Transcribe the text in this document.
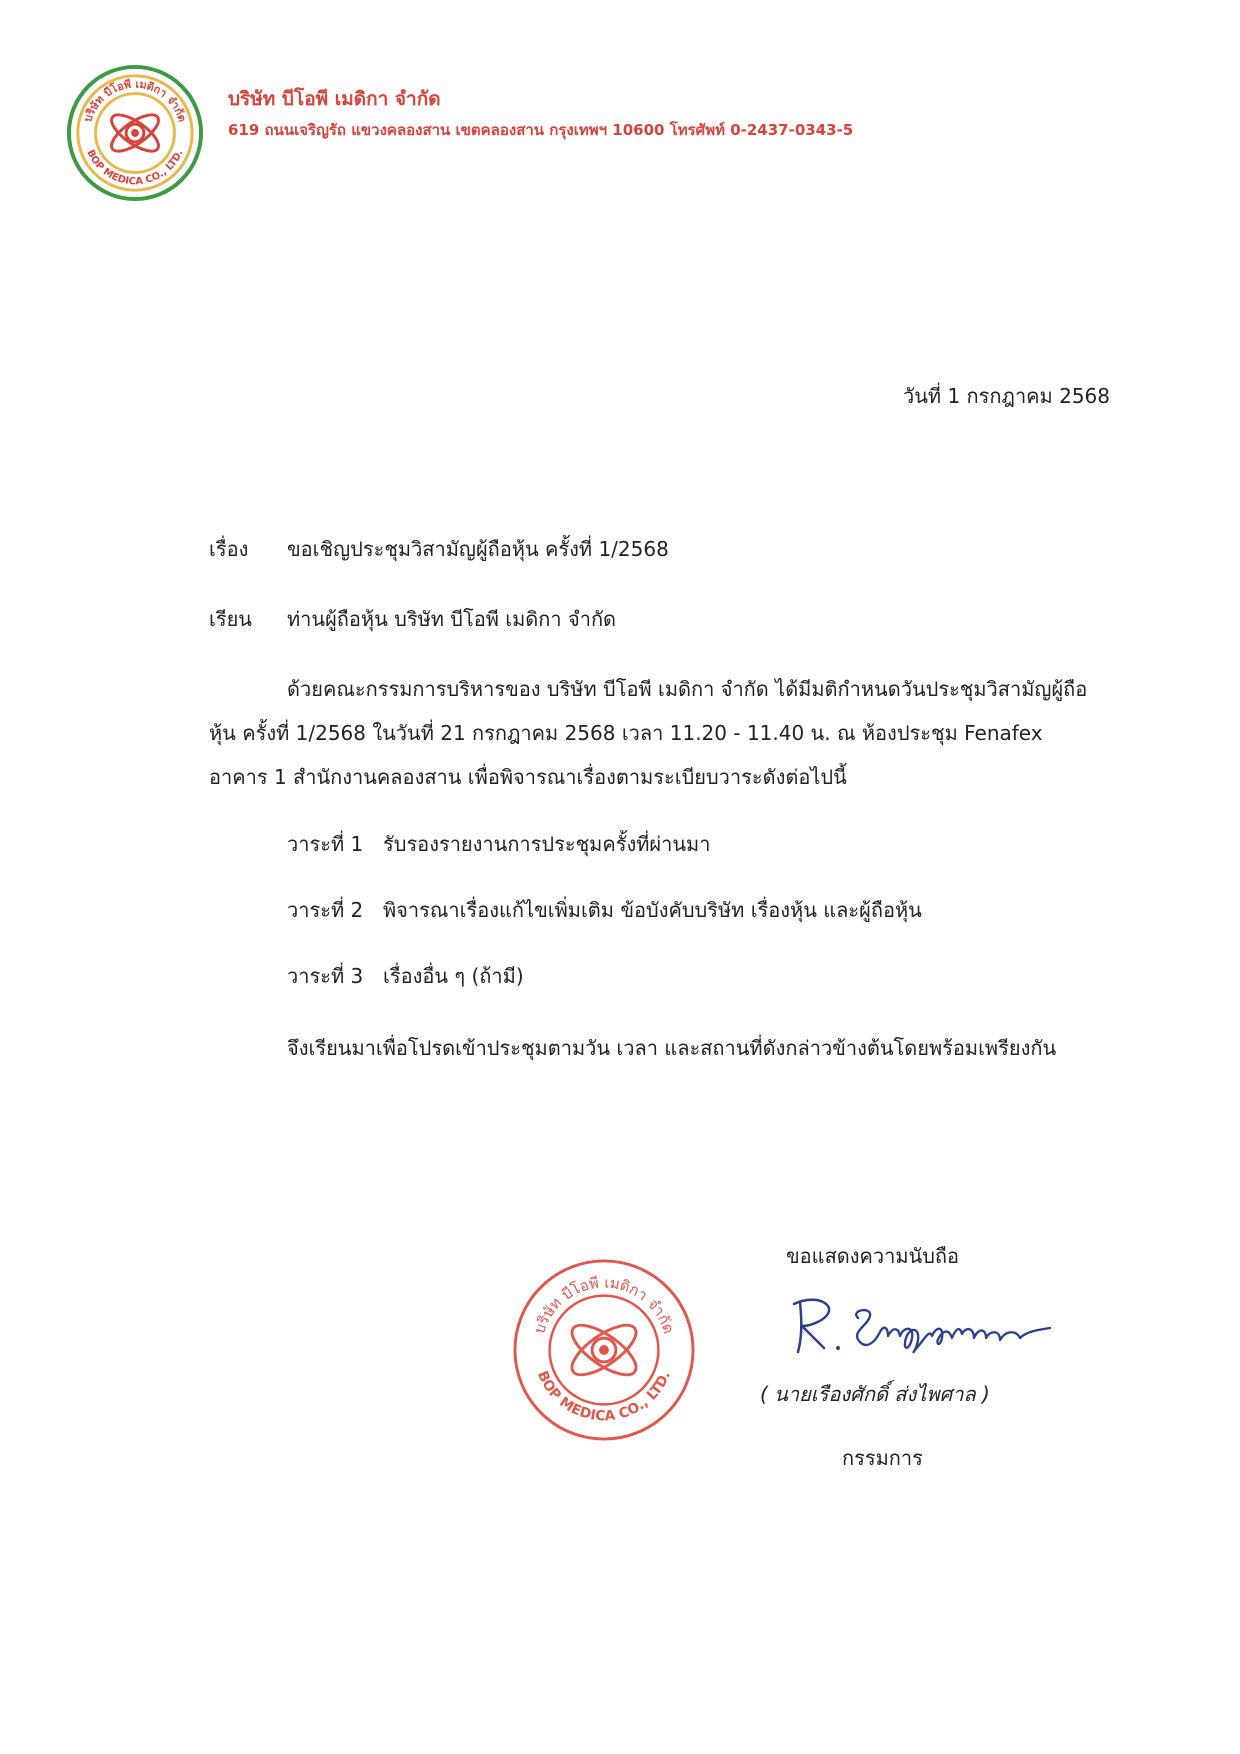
บริษัท บีโอพี เมดิกา จำกัด
BOP MEDICA CO., LTD.
บริษัท บีโอพี เมดิกา จำกัด
619 ถนนเจริญรัถ แขวงคลองสาน เขตคลองสาน กรุงเทพฯ 10600 โทรศัพท์ 0-2437-0343-5
วันที่ 1 กรกฎาคม 2568
เรื่อง ขอเชิญประชุมวิสามัญผู้ถือหุ้น ครั้งที่ 1/2568
เรียน ท่านผู้ถือหุ้น บริษัท บีโอพี เมดิกา จำกัด
ด้วยคณะกรรมการบริหารของ บริษัท บีโอพี เมดิกา จำกัด ได้มีมติกำหนดวันประชุมวิสามัญผู้ถือ
หุ้น ครั้งที่ 1/2568 ในวันที่ 21 กรกฎาคม 2568 เวลา 11.20 - 11.40 น. ณ ห้องประชุม Fenafex
อาคาร 1 สำนักงานคลองสาน เพื่อพิจารณาเรื่องตามระเบียบวาระดังต่อไปนี้
วาระที่ 1 รับรองรายงานการประชุมครั้งที่ผ่านมา
วาระที่ 2 พิจารณาเรื่องแก้ไขเพิ่มเติม ข้อบังคับบริษัท เรื่องหุ้น และผู้ถือหุ้น
วาระที่ 3 เรื่องอื่น ๆ (ถ้ามี)
จึงเรียนมาเพื่อโปรดเข้าประชุมตามวัน เวลา และสถานที่ดังกล่าวข้างต้นโดยพร้อมเพรียงกัน
ขอแสดงความนับถือ
บริษัท บีโอพี เมดิกา จำกัด
BOP MEDICA CO., LTD.
( นายเรืองศักดิ์ ส่งไพศาล )
กรรมการ
